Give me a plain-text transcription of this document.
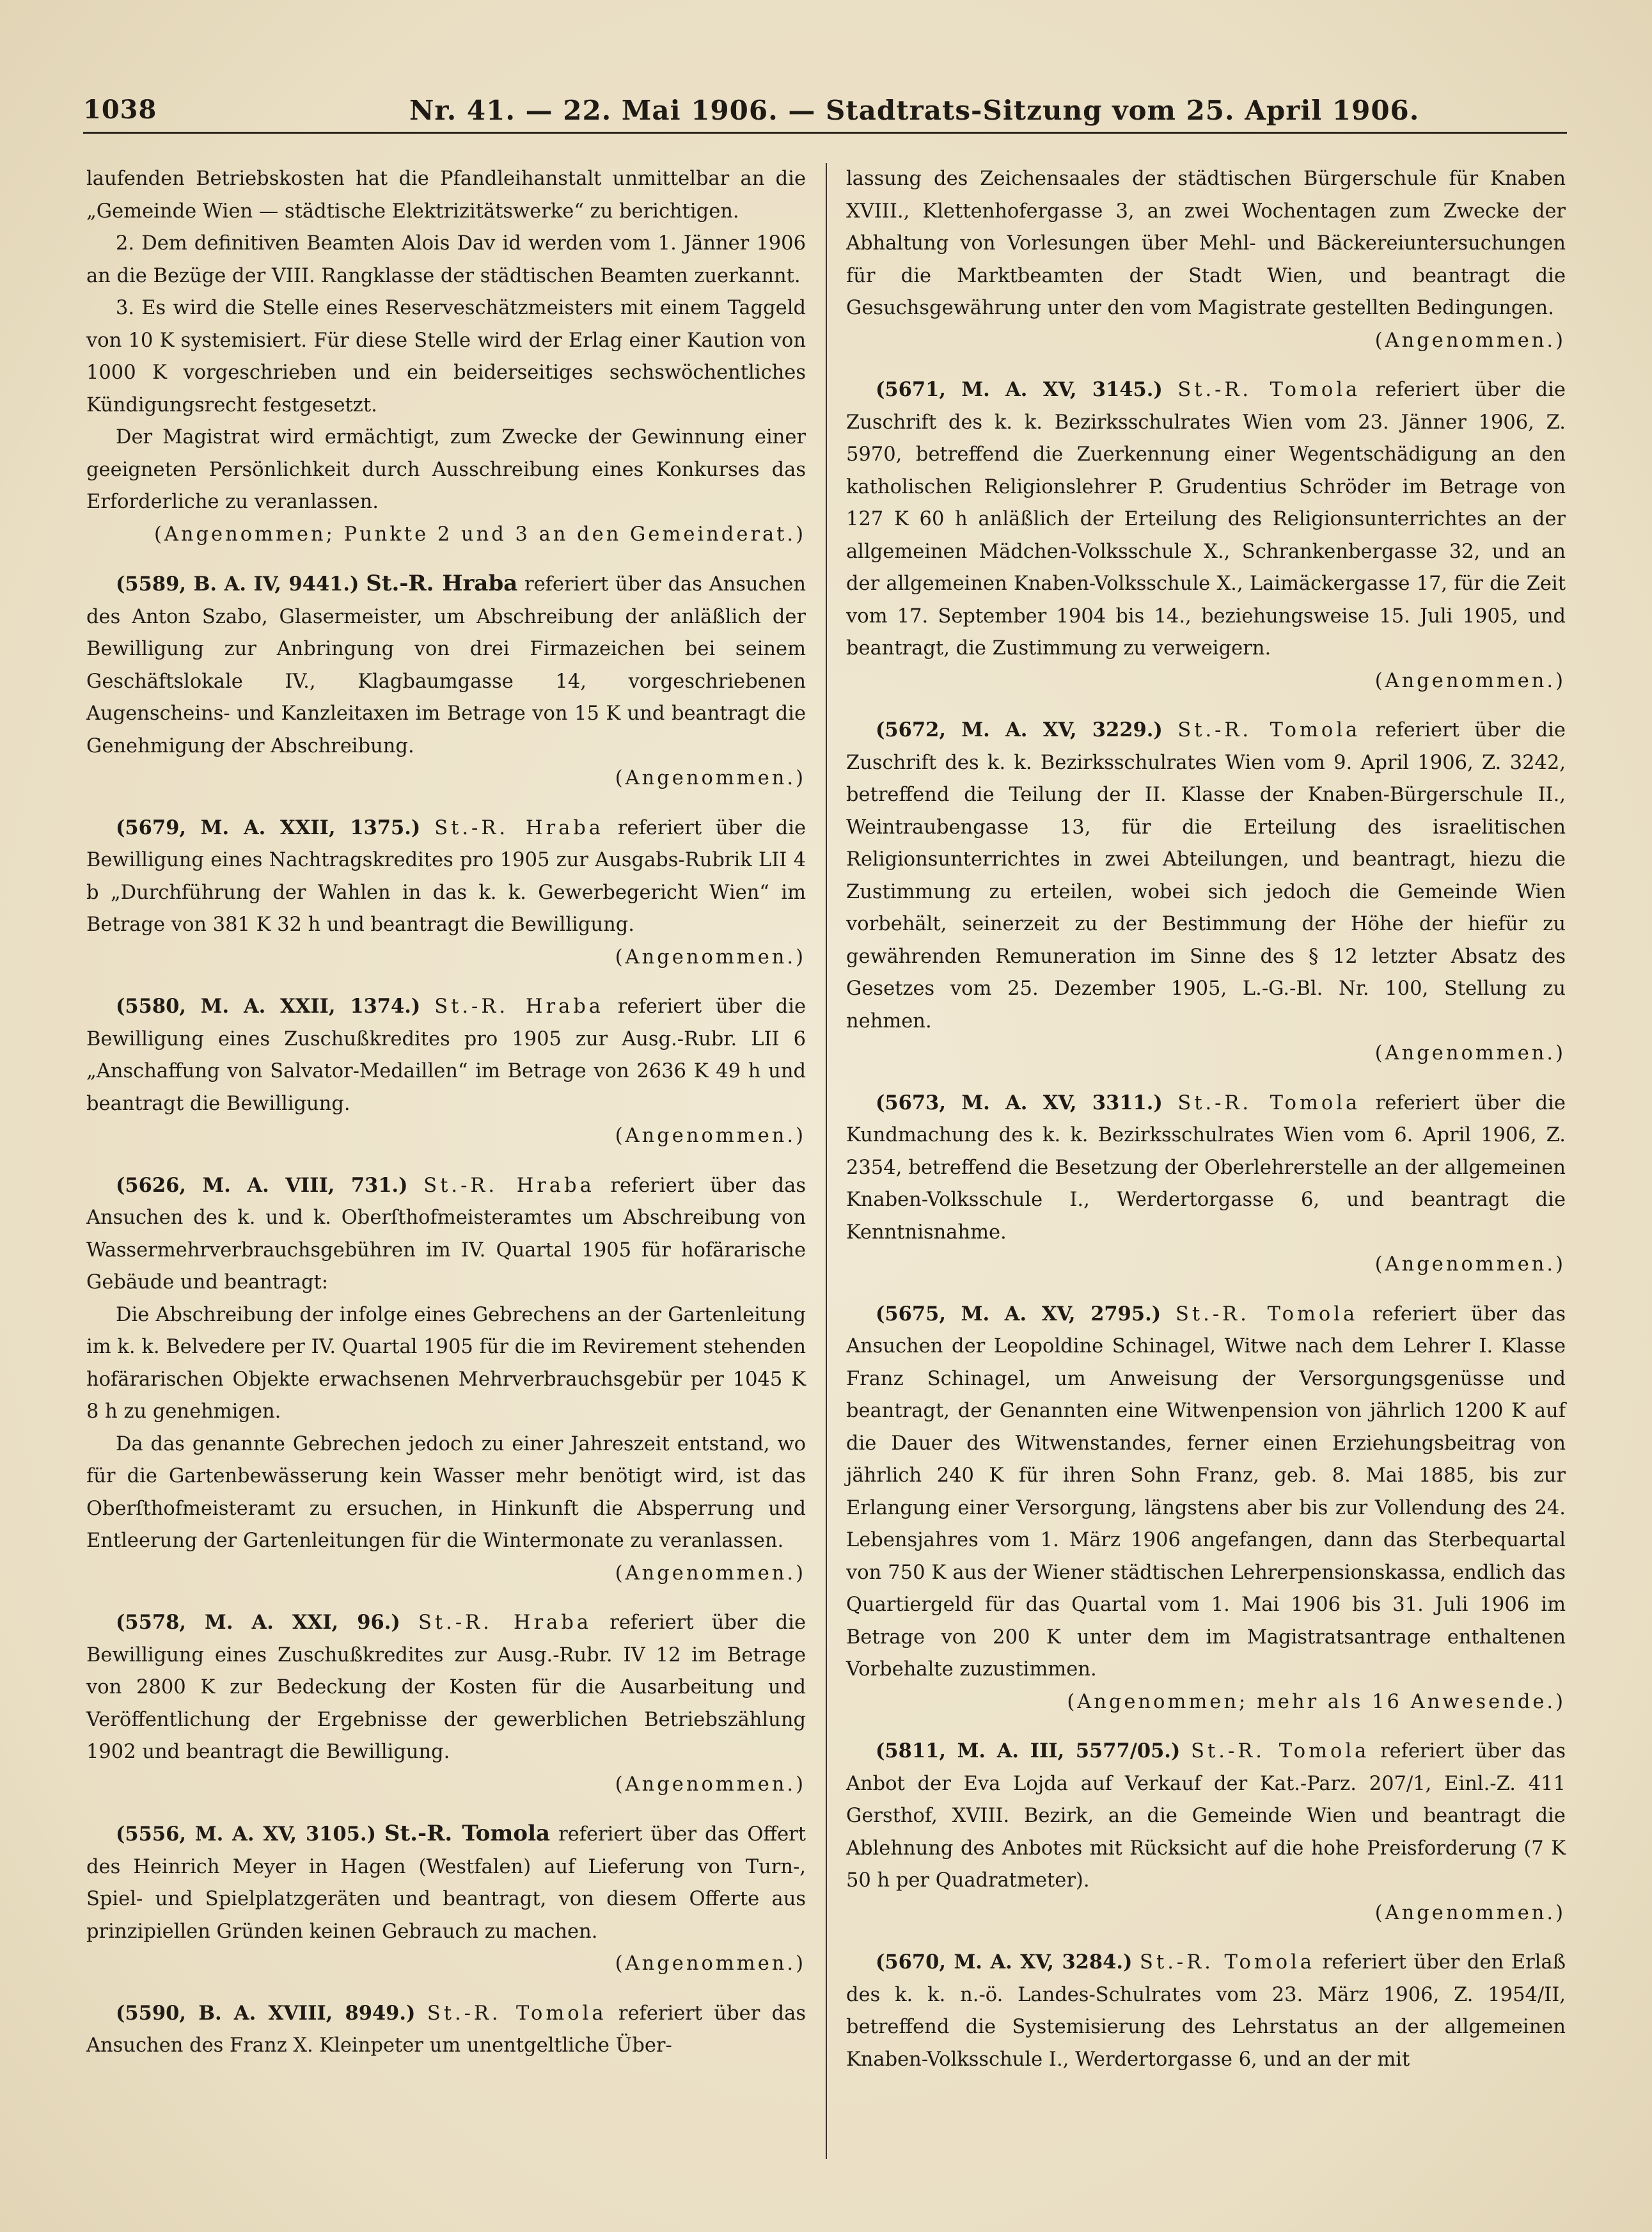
1038	Nr. 41. — 22. Mai 1906. — Stadtrats-Sitzung vom 25. April 1906.

laufenden Betriebskosten hat die Pfandleihanstalt unmittelbar an die „Gemeinde Wien — städtische Elektrizitätswerke“ zu berichtigen.

2. Dem definitiven Beamten Alois Dav id werden vom 1. Jänner 1906 an die Bezüge der VIII. Rangklasse der städtischen Beamten zuerkannt.

3. Es wird die Stelle eines Reserveschätzmeisters mit einem Taggeld von 10 K systemisiert. Für diese Stelle wird der Erlag einer Kaution von 1000 K vorgeschrieben und ein beiderseitiges sechswöchentliches Kündigungsrecht festgesetzt.

Der Magistrat wird ermächtigt, zum Zwecke der Gewinnung einer geeigneten Persönlichkeit durch Ausschreibung eines Konkurses das Erforderliche zu veranlassen.

(Angenommen; Punkte 2 und 3 an den Gemeinderat.)

(5589, B. A. IV, 9441.) St.-R. Hraba referiert über das Ansuchen des Anton Szabo, Glasermeister, um Abschreibung der anläßlich der Bewilligung zur Anbringung von drei Firmazeichen bei seinem Geschäftslokale IV., Klagbaumgasse 14, vorgeschriebenen Augenscheins- und Kanzleitaxen im Betrage von 15 K und beantragt die Genehmigung der Abschreibung.

(Angenommen.)

(5679, M. A. XXII, 1375.) St.-R. Hraba referiert über die Bewilligung eines Nachtragskredites pro 1905 zur Ausgabs-Rubrik LII 4 b „Durchführung der Wahlen in das k. k. Gewerbegericht Wien“ im Betrage von 381 K 32 h und beantragt die Bewilligung.

(Angenommen.)

(5580, M. A. XXII, 1374.) St.-R. Hraba referiert über die Bewilligung eines Zuschußkredites pro 1905 zur Ausg.-Rubr. LII 6 „Anschaffung von Salvator-Medaillen“ im Betrage von 2636 K 49 h und beantragt die Bewilligung.

(Angenommen.)

(5626, M. A. VIII, 731.) St.-R. Hraba referiert über das Ansuchen des k. und k. Oberſthofmeisteramtes um Abschreibung von Wassermehrverbrauchsgebühren im IV. Quartal 1905 für hofärarische Gebäude und beantragt:

Die Abschreibung der infolge eines Gebrechens an der Gartenleitung im k. k. Belvedere per IV. Quartal 1905 für die im Revirement stehenden hofärarischen Objekte erwachsenen Mehrverbrauchsgebür per 1045 K 8 h zu genehmigen.

Da das genannte Gebrechen jedoch zu einer Jahreszeit entstand, wo für die Gartenbewässerung kein Wasser mehr benötigt wird, ist das Oberſthofmeisteramt zu ersuchen, in Hinkunft die Absperrung und Entleerung der Gartenleitungen für die Wintermonate zu veranlassen.

(Angenommen.)

(5578, M. A. XXI, 96.) St.-R. Hraba referiert über die Bewilligung eines Zuschußkredites zur Ausg.-Rubr. IV 12 im Betrage von 2800 K zur Bedeckung der Kosten für die Ausarbeitung und Veröffentlichung der Ergebnisse der gewerblichen Betriebszählung 1902 und beantragt die Bewilligung.

(Angenommen.)

(5556, M. A. XV, 3105.) St.-R. Tomola referiert über das Offert des Heinrich Meyer in Hagen (Westfalen) auf Lieferung von Turn-, Spiel- und Spielplatzgeräten und beantragt, von diesem Offerte aus prinzipiellen Gründen keinen Gebrauch zu machen.

(Angenommen.)

(5590, B. A. XVIII, 8949.) St.-R. Tomola referiert über das Ansuchen des Franz X. Kleinpeter um unentgeltliche Über-

lassung des Zeichensaales der städtischen Bürgerschule für Knaben XVIII., Klettenhofergasse 3, an zwei Wochentagen zum Zwecke der Abhaltung von Vorlesungen über Mehl- und Bäckereiuntersuchungen für die Marktbeamten der Stadt Wien, und beantragt die Gesuchsgewährung unter den vom Magistrate gestellten Bedingungen.

(Angenommen.)

(5671, M. A. XV, 3145.) St.-R. Tomola referiert über die Zuschrift des k. k. Bezirksschulrates Wien vom 23. Jänner 1906, Z. 5970, betreffend die Zuerkennung einer Wegentschädigung an den katholischen Religionslehrer P. Grudentius Schröder im Betrage von 127 K 60 h anläßlich der Erteilung des Religionsunterrichtes an der allgemeinen Mädchen-Volksschule X., Schrankenbergasse 32, und an der allgemeinen Knaben-Volksschule X., Laimäckergasse 17, für die Zeit vom 17. September 1904 bis 14., beziehungsweise 15. Juli 1905, und beantragt, die Zustimmung zu verweigern.

(Angenommen.)

(5672, M. A. XV, 3229.) St.-R. Tomola referiert über die Zuschrift des k. k. Bezirksschulrates Wien vom 9. April 1906, Z. 3242, betreffend die Teilung der II. Klasse der Knaben-Bürgerschule II., Weintraubengasse 13, für die Erteilung des israelitischen Religionsunterrichtes in zwei Abteilungen, und beantragt, hiezu die Zustimmung zu erteilen, wobei sich jedoch die Gemeinde Wien vorbehält, seinerzeit zu der Bestimmung der Höhe der hiefür zu gewährenden Remuneration im Sinne des § 12 letzter Absatz des Gesetzes vom 25. Dezember 1905, L.-G.-Bl. Nr. 100, Stellung zu nehmen.

(Angenommen.)

(5673, M. A. XV, 3311.) St.-R. Tomola referiert über die Kundmachung des k. k. Bezirksschulrates Wien vom 6. April 1906, Z. 2354, betreffend die Besetzung der Oberlehrerstelle an der allgemeinen Knaben-Volksschule I., Werdertorgasse 6, und beantragt die Kenntnisnahme.

(Angenommen.)

(5675, M. A. XV, 2795.) St.-R. Tomola referiert über das Ansuchen der Leopoldine Schinagel, Witwe nach dem Lehrer I. Klasse Franz Schinagel, um Anweisung der Versorgungsgenüsse und beantragt, der Genannten eine Witwenpension von jährlich 1200 K auf die Dauer des Witwenstandes, ferner einen Erziehungsbeitrag von jährlich 240 K für ihren Sohn Franz, geb. 8. Mai 1885, bis zur Erlangung einer Versorgung, längstens aber bis zur Vollendung des 24. Lebensjahres vom 1. März 1906 angefangen, dann das Sterbequartal von 750 K aus der Wiener städtischen Lehrerpensionskassa, endlich das Quartiergeld für das Quartal vom 1. Mai 1906 bis 31. Juli 1906 im Betrage von 200 K unter dem im Magistratsantrage enthaltenen Vorbehalte zuzustimmen.

(Angenommen; mehr als 16 Anwesende.)

(5811, M. A. III, 5577/05.) St.-R. Tomola referiert über das Anbot der Eva Lojda auf Verkauf der Kat.-Parz. 207/1, Einl.-Z. 411 Gersthof, XVIII. Bezirk, an die Gemeinde Wien und beantragt die Ablehnung des Anbotes mit Rücksicht auf die hohe Preisforderung (7 K 50 h per Quadratmeter).

(Angenommen.)

(5670, M. A. XV, 3284.) St.-R. Tomola referiert über den Erlaß des k. k. n.-ö. Landes-Schulrates vom 23. März 1906, Z. 1954/II, betreffend die Systemisierung des Lehrstatus an der allgemeinen Knaben-Volksschule I., Werdertorgasse 6, und an der mit
